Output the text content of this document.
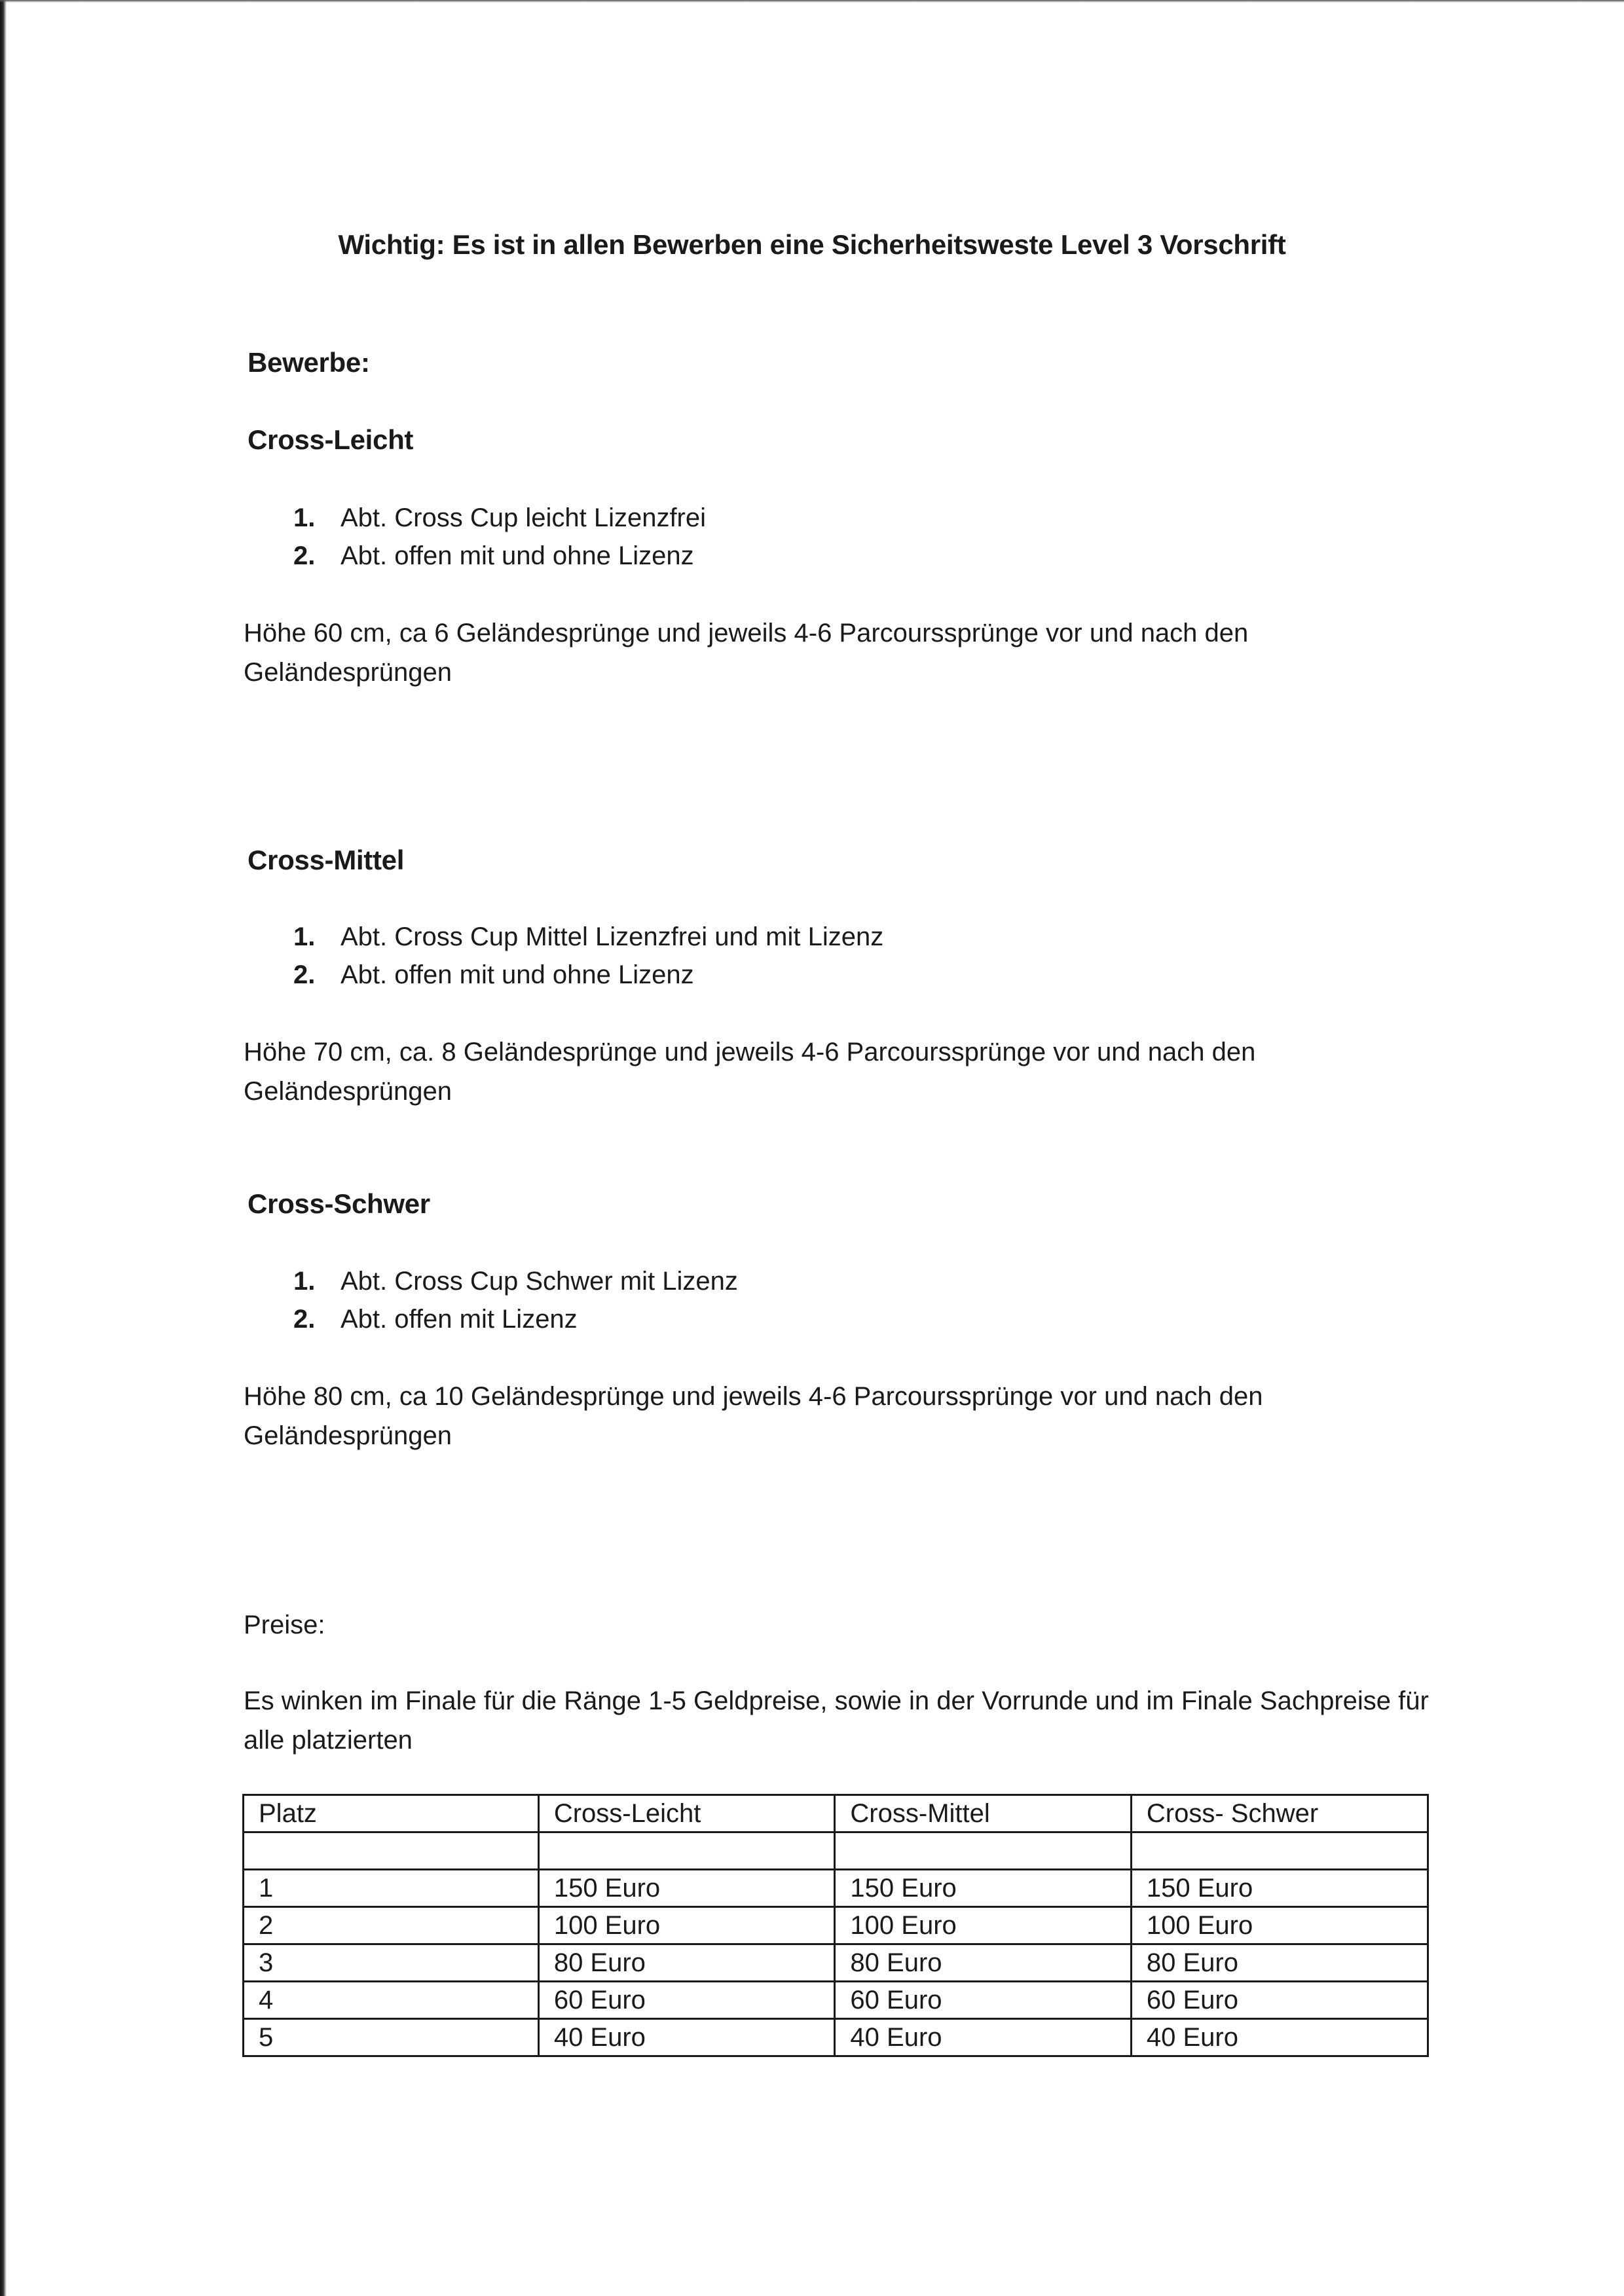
Wichtig: Es ist in allen Bewerben eine Sicherheitsweste Level 3 Vorschrift
Bewerbe:
Cross-Leicht
1. Abt. Cross Cup leicht Lizenzfrei
2. Abt. offen mit und ohne Lizenz

Höhe 60 cm, ca 6 Geländesprünge und jeweils 4-6 Parcourssprünge vor und nach den Geländesprüngen

Cross-Mittel
1. Abt. Cross Cup Mittel Lizenzfrei und mit Lizenz
2. Abt. offen mit und ohne Lizenz

Höhe 70 cm, ca. 8 Geländesprünge und jeweils 4-6 Parcourssprünge vor und nach den Geländesprüngen

Cross-Schwer
1. Abt. Cross Cup Schwer mit Lizenz
2. Abt. offen mit Lizenz

Höhe 80 cm, ca 10 Geländesprünge und jeweils 4-6 Parcourssprünge vor und nach den Geländesprüngen

Preise:

Es winken im Finale für die Ränge 1-5 Geldpreise, sowie in der Vorrunde und im Finale Sachpreise für alle platzierten

Platz	Cross-Leicht	Cross-Mittel	Cross- Schwer

1	150 Euro	150 Euro	150 Euro
2	100 Euro	100 Euro	100 Euro
3	80 Euro	80 Euro	80 Euro
4	60 Euro	60 Euro	60 Euro
5	40 Euro	40 Euro	40 Euro
